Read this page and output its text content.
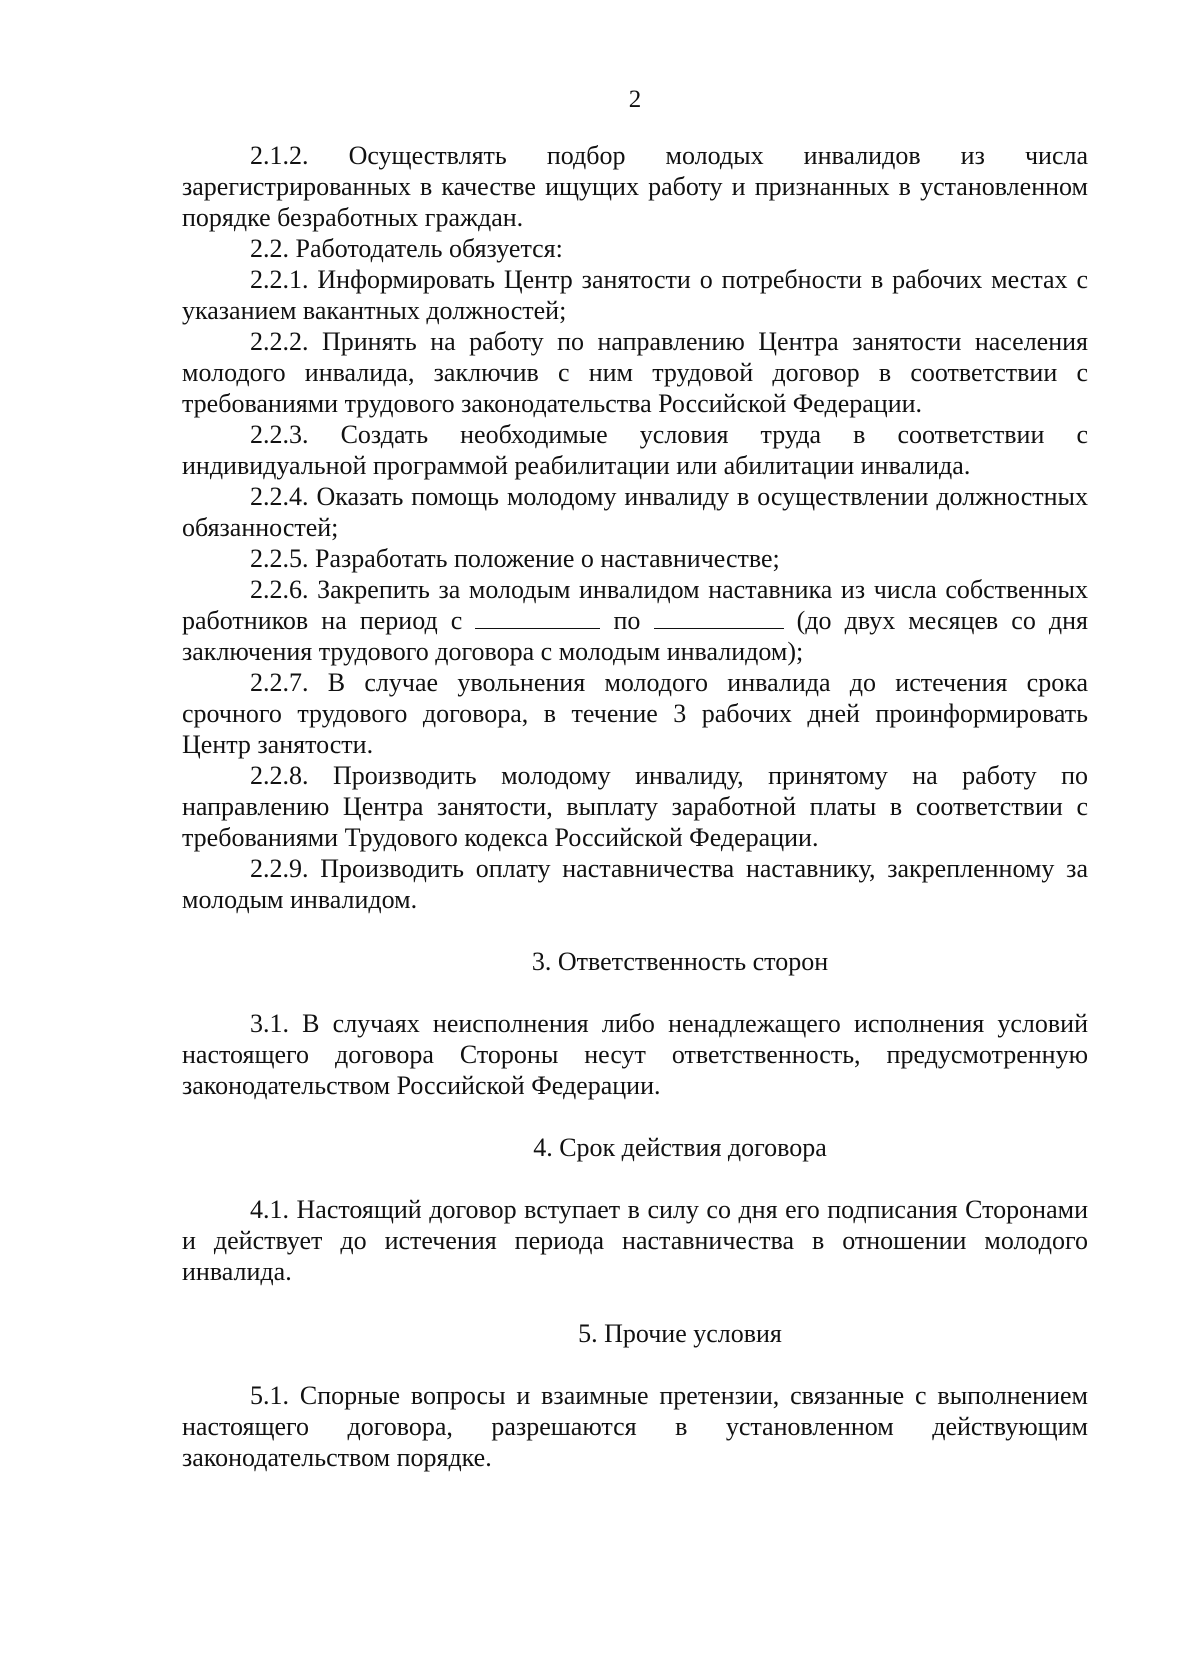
2

2.1.2. Осуществлять подбор молодых инвалидов из числа зарегистрированных в качестве ищущих работу и признанных в установленном порядке безработных граждан.

2.2. Работодатель обязуется:

2.2.1. Информировать Центр занятости о потребности в рабочих местах с указанием вакантных должностей;

2.2.2. Принять на работу по направлению Центра занятости населения молодого инвалида, заключив с ним трудовой договор в соответствии с требованиями трудового законодательства Российской Федерации.

2.2.3. Создать необходимые условия труда в соответствии с индивидуальной программой реабилитации или абилитации инвалида.

2.2.4. Оказать помощь молодому инвалиду в осуществлении должностных обязанностей;

2.2.5. Разработать положение о наставничестве;

2.2.6. Закрепить за молодым инвалидом наставника из числа собственных работников на период с	по	(до двух месяцев со дня заключения трудового договора с молодым инвалидом);

2.2.7. В случае увольнения молодого инвалида до истечения срока срочного трудового договора, в течение 3 рабочих дней проинформировать Центр занятости.

2.2.8. Производить молодому инвалиду, принятому на работу по направлению Центра занятости, выплату заработной платы в соответствии с требованиями Трудового кодекса Российской Федерации.

2.2.9. Производить оплату наставничества наставнику, закрепленному за молодым инвалидом.

3. Ответственность сторон

3.1. В случаях неисполнения либо ненадлежащего исполнения условий настоящего договора Стороны несут ответственность, предусмотренную законодательством Российской Федерации.

4. Срок действия договора

4.1. Настоящий договор вступает в силу со дня его подписания Сторонами и действует до истечения периода наставничества в отношении молодого инвалида.

5. Прочие условия

5.1. Спорные вопросы и взаимные претензии, связанные с выполнением настоящего договора, разрешаются в установленном действующим законодательством порядке.
